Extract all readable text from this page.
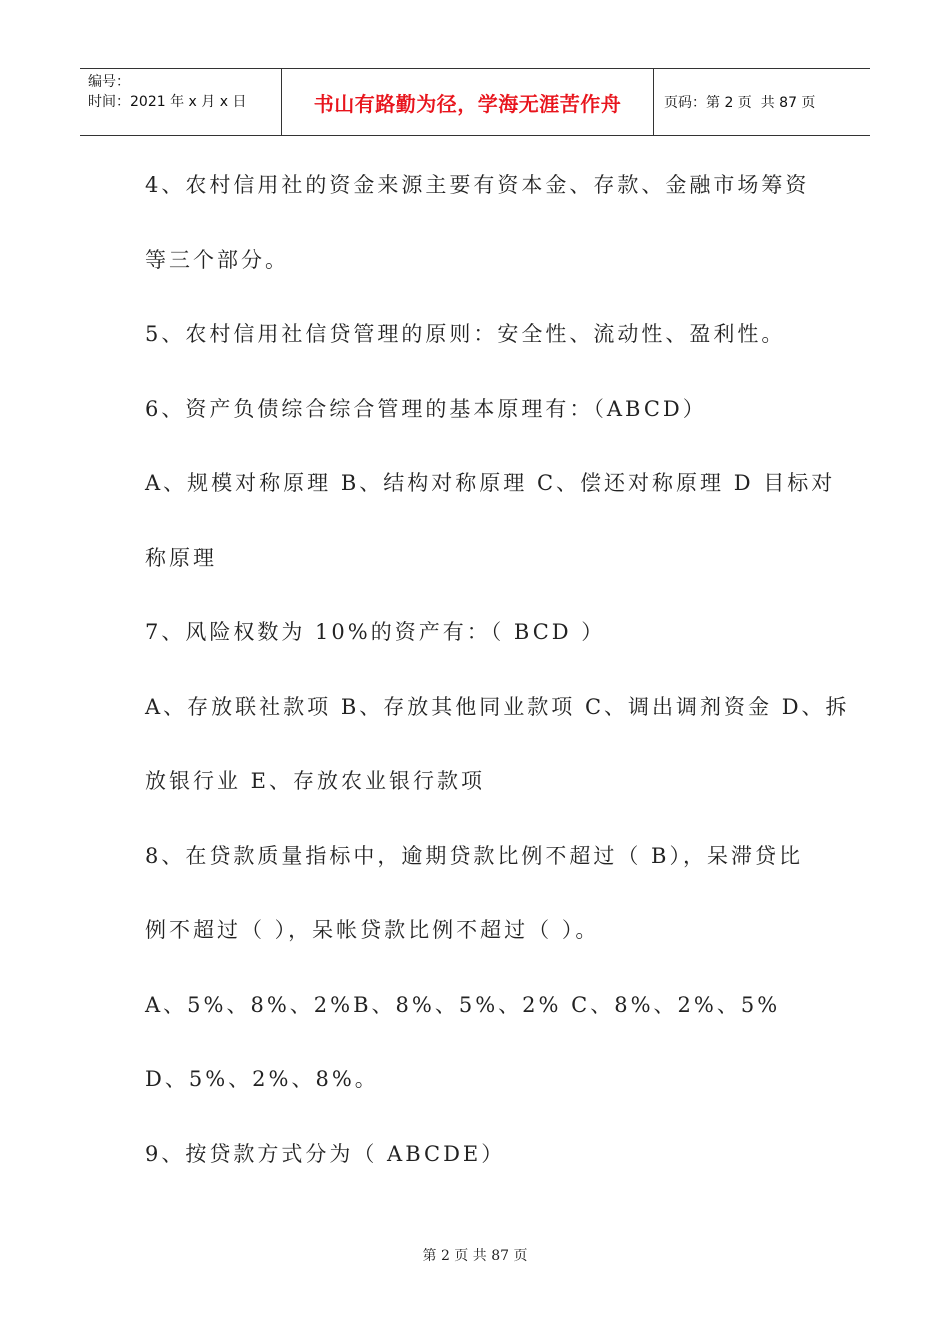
编号：
时间：2021 年 x 月 x 日	书山有路勤为径，学海无涯苦作舟	页码：第 2 页  共 87 页
4、农村信用社的资金来源主要有资本金、存款、金融市场筹资
等三个部分。
5、农村信用社信贷管理的原则：安全性、流动性、盈利性。
6、资产负债综合综合管理的基本原理有：（ABCD）
A、规模对称原理 B、结构对称原理 C、偿还对称原理 D 目标对
称原理
7、风险权数为 10%的资产有：（ BCD ）
A、存放联社款项 B、存放其他同业款项 C、调出调剂资金 D、拆
放银行业 E、存放农业银行款项
8、在贷款质量指标中，逾期贷款比例不超过（ B），呆滞贷比
例不超过（ ），呆帐贷款比例不超过（ ）。
A、5%、8%、2%B、8%、5%、2% C、8%、2%、5%
D、5%、2%、8%。
9、按贷款方式分为（ ABCDE）
第 2 页 共 87 页
